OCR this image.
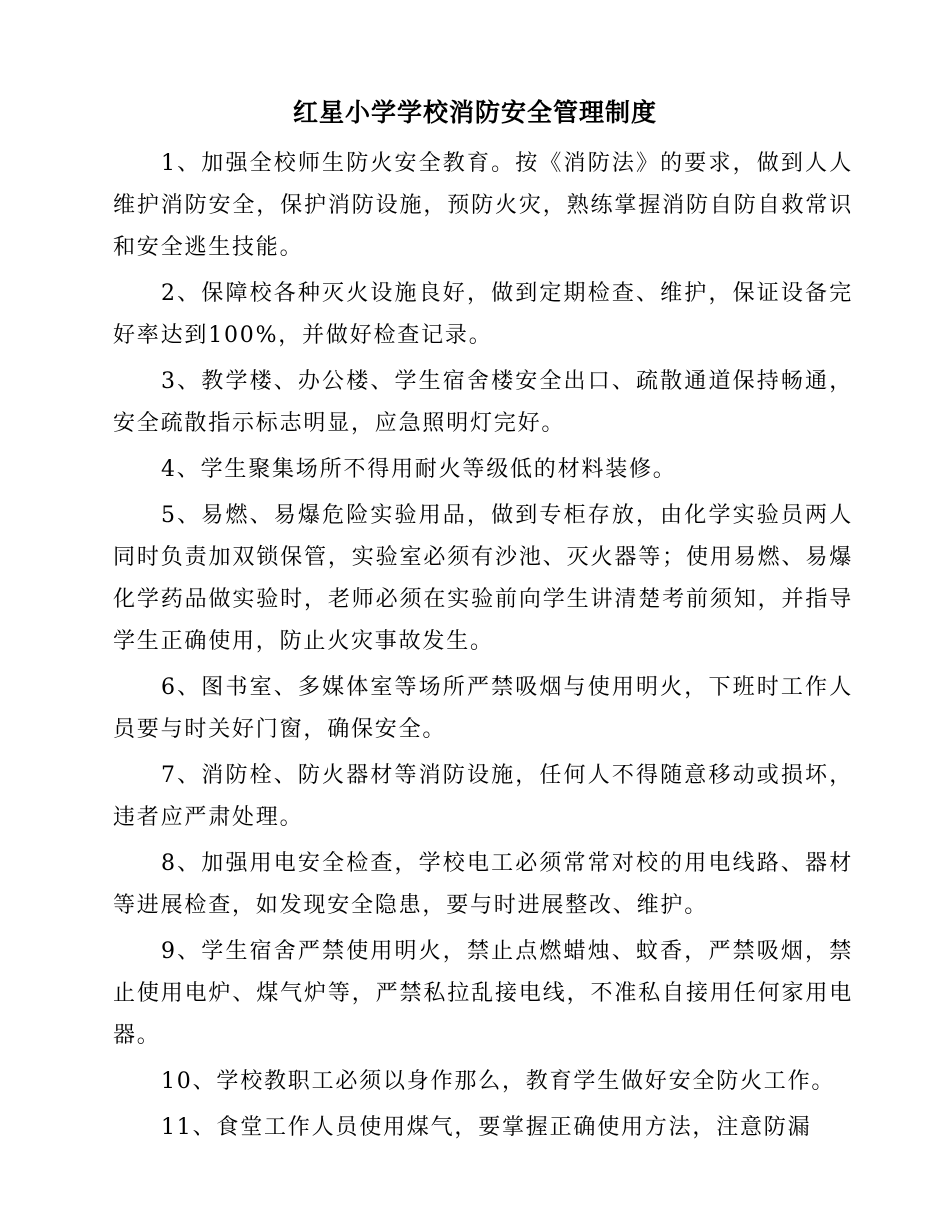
红星小学学校消防安全管理制度

1、加强全校师生防火安全教育。按《消防法》的要求，做到人人维护消防安全，保护消防设施，预防火灾，熟练掌握消防自防自救常识和安全逃生技能。

2、保障校各种灭火设施良好，做到定期检查、维护，保证设备完好率达到100%，并做好检查记录。

3、教学楼、办公楼、学生宿舍楼安全出口、疏散通道保持畅通，安全疏散指示标志明显，应急照明灯完好。

4、学生聚集场所不得用耐火等级低的材料装修。

5、易燃、易爆危险实验用品，做到专柜存放，由化学实验员两人同时负责加双锁保管，实验室必须有沙池、灭火器等；使用易燃、易爆化学药品做实验时，老师必须在实验前向学生讲清楚考前须知，并指导学生正确使用，防止火灾事故发生。

6、图书室、多媒体室等场所严禁吸烟与使用明火，下班时工作人员要与时关好门窗，确保安全。

7、消防栓、防火器材等消防设施，任何人不得随意移动或损坏，违者应严肃处理。

8、加强用电安全检查，学校电工必须常常对校的用电线路、器材等进展检查，如发现安全隐患，要与时进展整改、维护。

9、学生宿舍严禁使用明火，禁止点燃蜡烛、蚊香，严禁吸烟，禁止使用电炉、煤气炉等，严禁私拉乱接电线，不准私自接用任何家用电器。

10、学校教职工必须以身作那么，教育学生做好安全防火工作。

11、食堂工作人员使用煤气，要掌握正确使用方法，注意防漏
